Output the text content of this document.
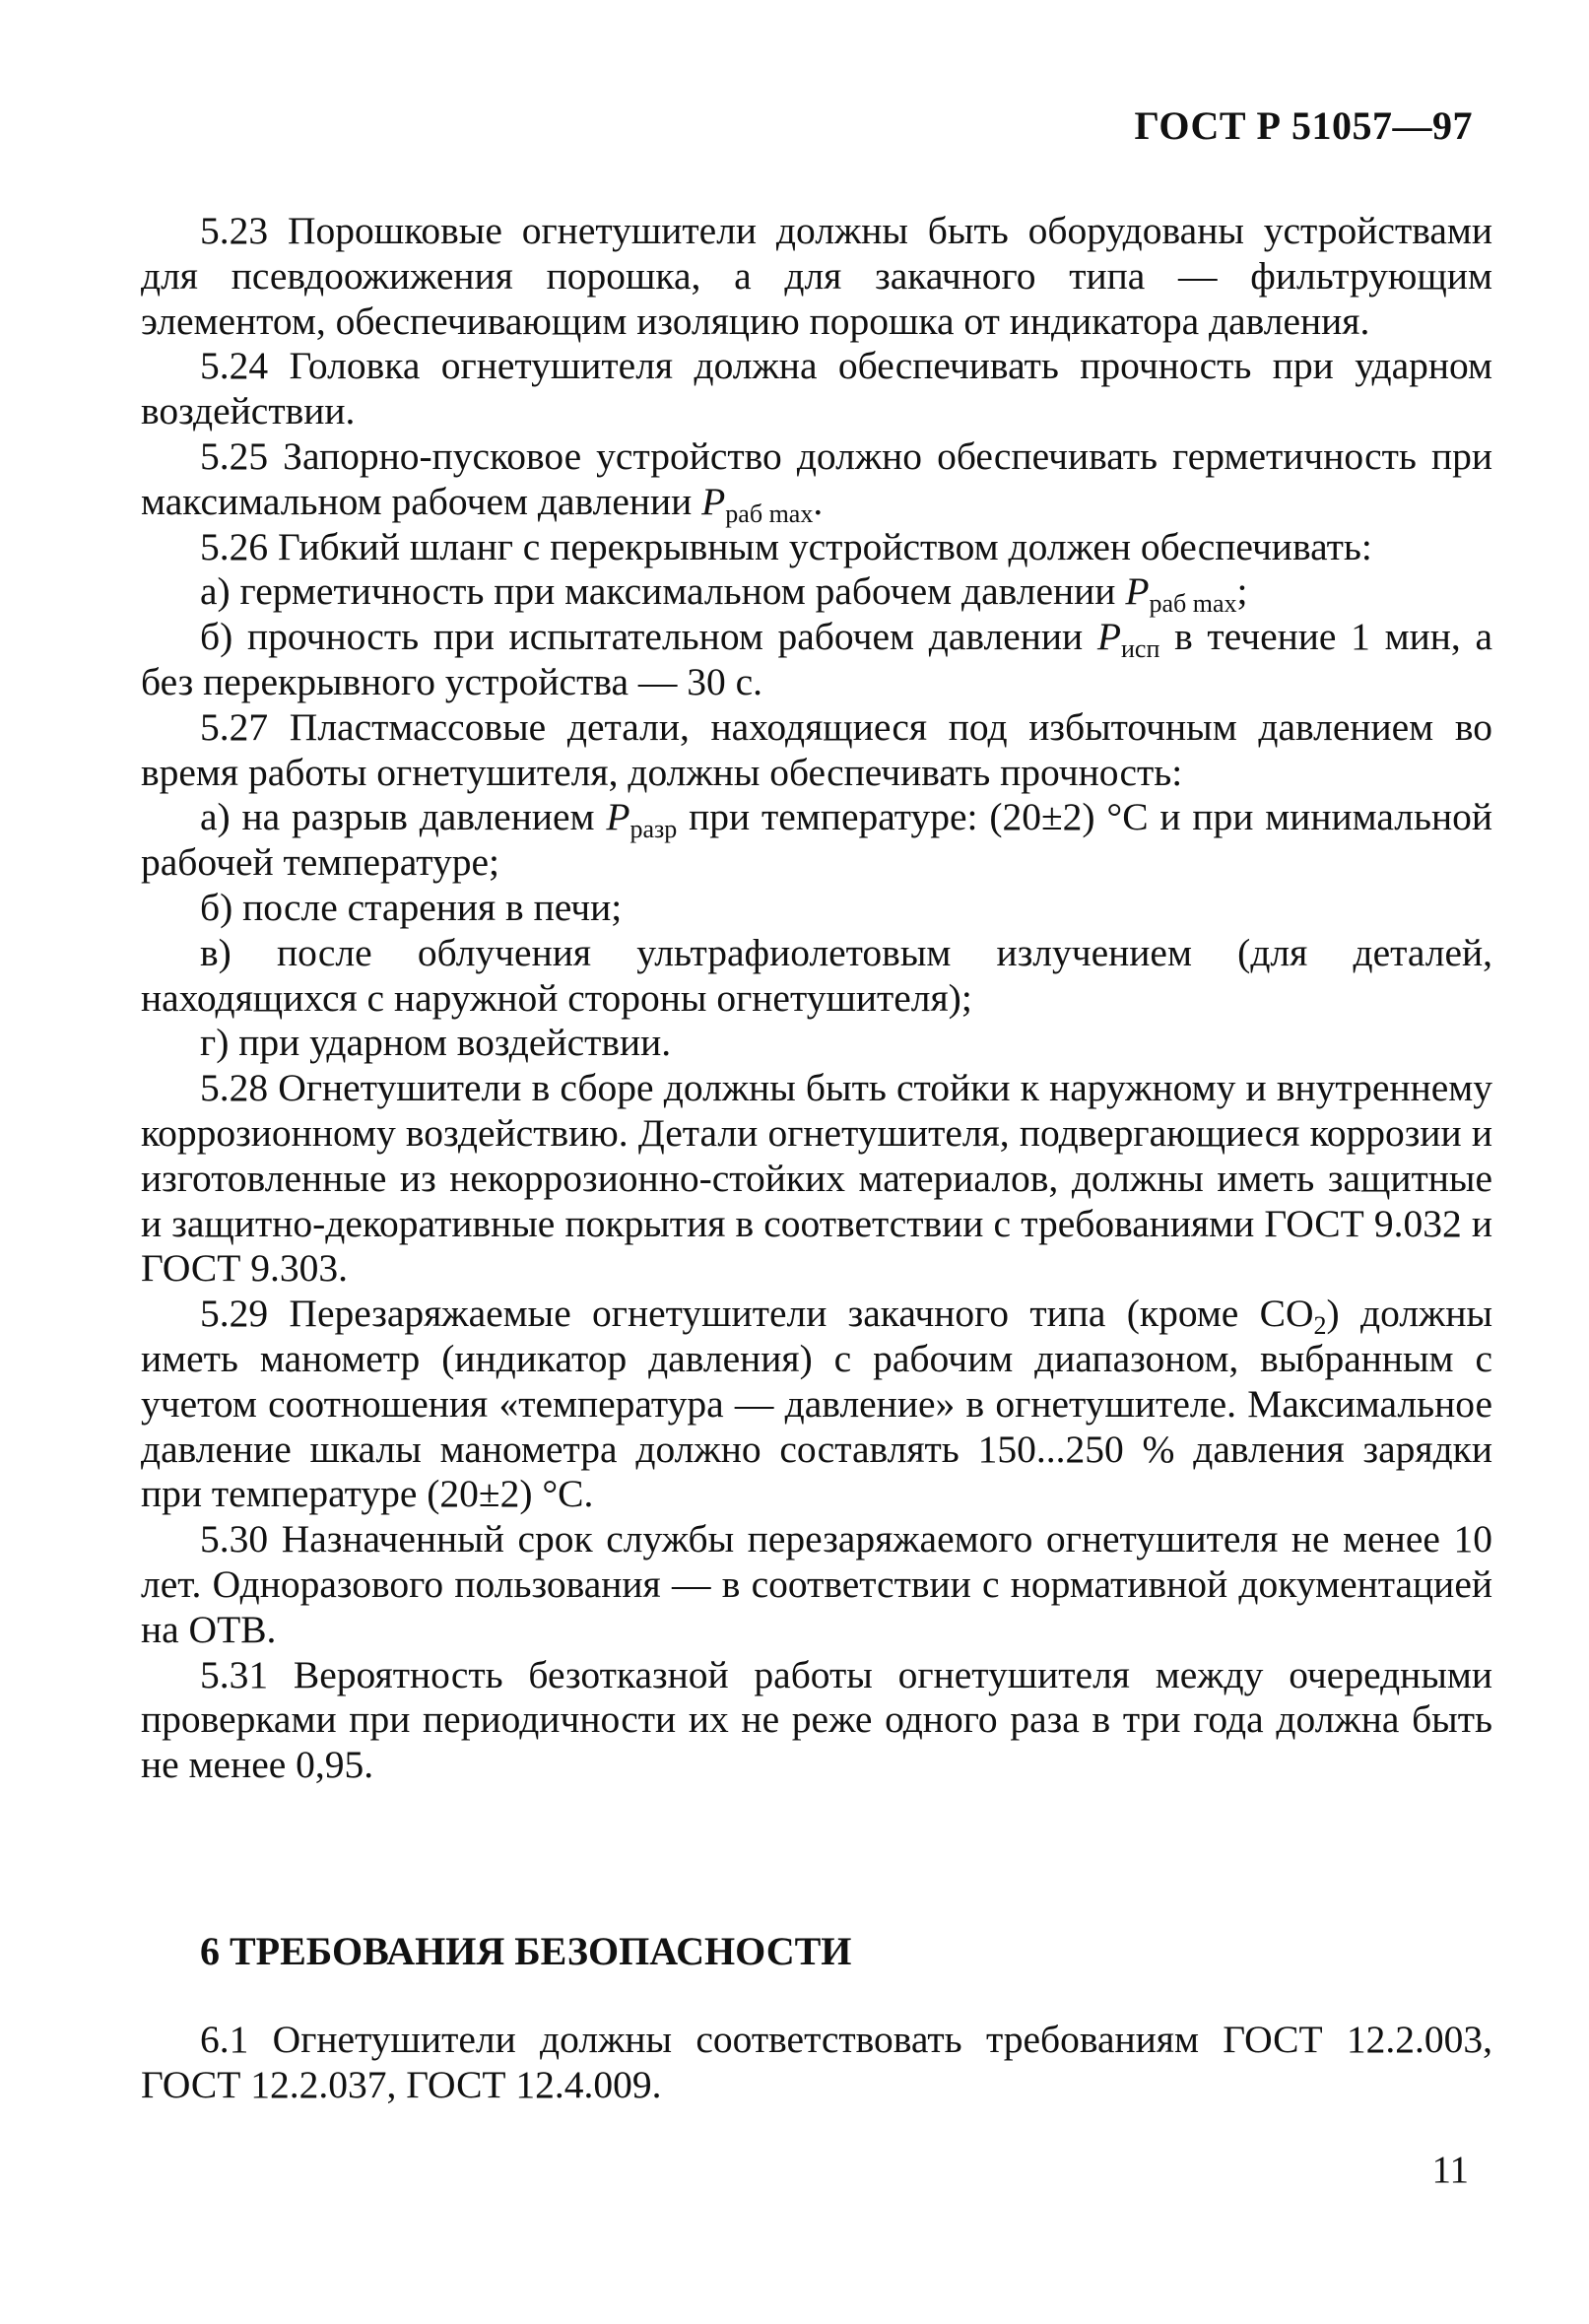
ГОСТ Р 51057—97

5.23 Порошковые огнетушители должны быть оборудованы устройствами для псевдоожижения порошка, а для закачного типа — фильтрующим элементом, обеспечивающим изоляцию порошка от индикатора давления.

5.24 Головка огнетушителя должна обеспечивать прочность при ударном воздействии.

5.25 Запорно-пусковое устройство должно обеспечивать герметичность при максимальном рабочем давлении $P_{раб max}$.

5.26 Гибкий шланг с перекрывным устройством должен обеспечивать:

а) герметичность при максимальном рабочем давлении $P_{раб max}$;

б) прочность при испытательном рабочем давлении $P_{исп}$ в течение 1 мин, а без перекрывного устройства — 30 с.

5.27 Пластмассовые детали, находящиеся под избыточным давлением во время работы огнетушителя, должны обеспечивать прочность:

а) на разрыв давлением $P_{разр}$ при температуре: (20±2) °С и при минимальной рабочей температуре;

б) после старения в печи;

в) после облучения ультрафиолетовым излучением (для деталей, находящихся с наружной стороны огнетушителя);

г) при ударном воздействии.

5.28 Огнетушители в сборе должны быть стойки к наружному и внутреннему коррозионному воздействию. Детали огнетушителя, подвергающиеся коррозии и изготовленные из некоррозионно-стойких материалов, должны иметь защитные и защитно-декоративные покрытия в соответствии с требованиями ГОСТ 9.032 и ГОСТ 9.303.

5.29 Перезаряжаемые огнетушители закачного типа (кроме $СО_2$) должны иметь манометр (индикатор давления) с рабочим диапазоном, выбранным с учетом соотношения «температура — давление» в огнетушителе. Максимальное давление шкалы манометра должно составлять 150...250 % давления зарядки при температуре (20±2) °С.

5.30 Назначенный срок службы перезаряжаемого огнетушителя не менее 10 лет. Одноразового пользования — в соответствии с нормативной документацией на ОТВ.

5.31 Вероятность безотказной работы огнетушителя между очередными проверками при периодичности их не реже одного раза в три года должна быть не менее 0,95.

6 ТРЕБОВАНИЯ БЕЗОПАСНОСТИ

6.1 Огнетушители должны соответствовать требованиям ГОСТ 12.2.003, ГОСТ 12.2.037, ГОСТ 12.4.009.

11
